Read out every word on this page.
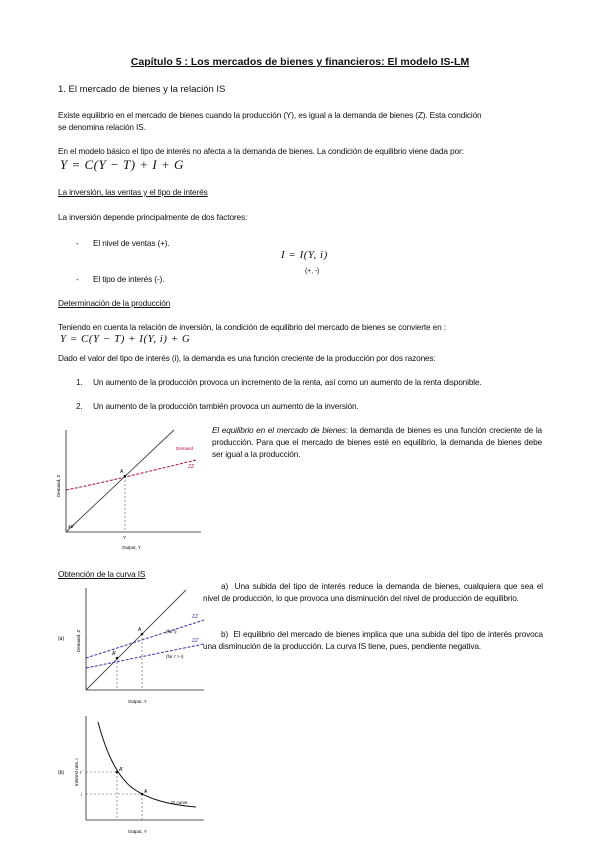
Capítulo 5 : Los mercados de bienes y financieros: El modelo IS-LM
1. El mercado de bienes y la relación IS
Existe equilibrio en el mercado de bienes cuando la producción (Y), es igual a la demanda de bienes (Z). Esta condición
se denomina relación IS.
En el modelo básico el tipo de interés no afecta a la demanda de bienes. La condición de equilibrio viene dada por:
Y = C(Y − T) + I + G
La inversión, las ventas y el tipo de interés
La inversión depende principalmente de dos factores:
- El nivel de ventas (+).
- El tipo de interés (-).
I = I(Y, i)
(+, -)
Determinación de la producción
Teniendo en cuenta la relación de inversión, la condición de equilibrio del mercado de bienes se convierte en :
Y = C(Y − T) + I(Y, i) + G
Dado el valor del tipo de interés (i), la demanda es una función creciente de la producción por dos razones:
1. Un aumento de la producción provoca un incremento de la renta, así como un aumento de la renta disponible.
2. Un aumento de la producción también provoca un aumento de la inversión.
El equilibrio en el mercado de bienes: la demanda de bienes es una función creciente de la producción. Para que el mercado de bienes esté en equilibrio, la demanda de bienes debe ser igual a la producción.
A
ZZ
Demand
45°
Y
Output, Y
Demand, Z
Obtención de la curva IS
a) Una subida del tipo de interés reduce la demanda de bienes, cualquiera que sea el nivel de producción, lo que provoca una disminución del nivel de producción de equilibrio.
b) El equilibrio del mercado de bienes implica que una subida del tipo de interés provoca una disminución de la producción. La curva IS tiene, pues, pendiente negativa.
(a)
A
A'
ZZ
ZZ'
(for i)
(for i' > i)
Output, Y
Demand, Z
(b)	A'
A
i'
i
IS curve
Output, Y
Interest rate, i
